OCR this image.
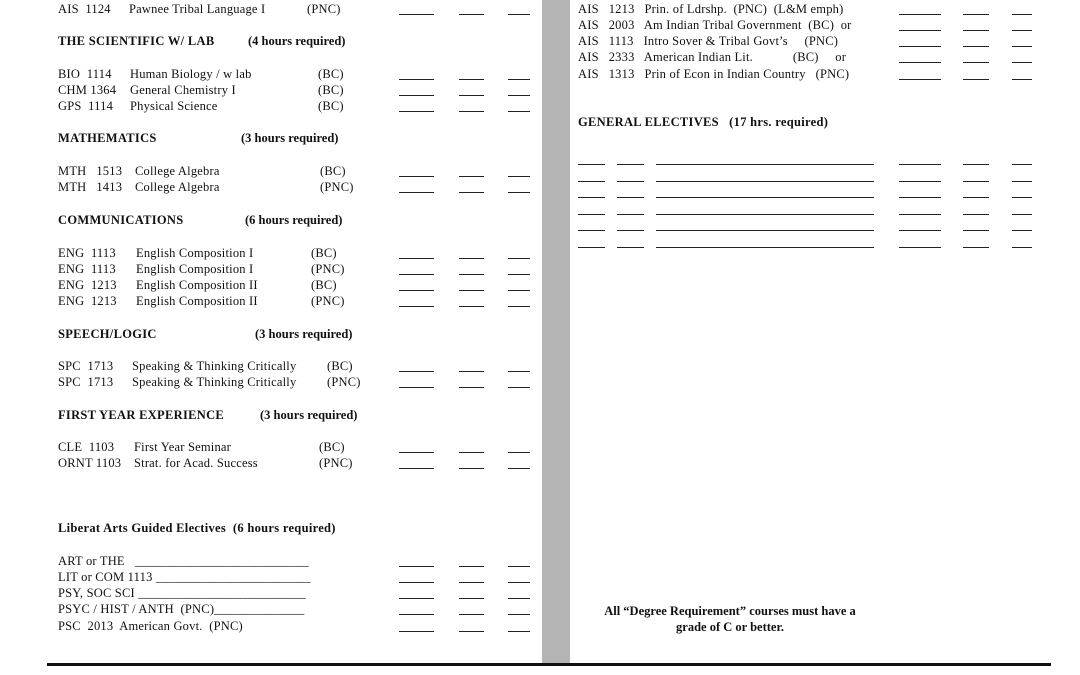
AIS  1124 Pawnee Tribal Language I	(PNC)
THE SCIENTIFIC W/ LAB	(4 hours required)
BIO  1114 Human Biology / w lab	(BC)
CHM 1364 General Chemistry I	(BC)
GPS  1114 Physical Science	(BC)
MATHEMATICS	(3 hours required)
MTH   1513 College Algebra	(BC)
MTH   1413 College Algebra	(PNC)
COMMUNICATIONS	(6 hours required)
ENG  1113 English Composition I	(BC)
ENG  1113 English Composition I	(PNC)
ENG  1213 English Composition II	(BC)
ENG  1213 English Composition II	(PNC)
SPEECH/LOGIC	(3 hours required)
SPC  1713 Speaking & Thinking Critically (BC)
SPC  1713 Speaking & Thinking Critically (PNC)
FIRST YEAR EXPERIENCE	(3 hours required)
CLE  1103 First Year Seminar	(BC)
ORNT 1103 Strat. for Acad. Success	(PNC)
Liberat Arts Guided Electives  (6 hours required)
ART or THE   ___________________________
LIT or COM 1113 ________________________
PSY, SOC SCI __________________________
PSYC / HIST / ANTH  (PNC)______________
PSC  2013  American Govt.  (PNC)
AIS   1213   Prin. of Ldrshp.  (PNC)  (L&M emph)
AIS   2003   Am Indian Tribal Government  (BC)  or
AIS   1113   Intro Sover & Tribal Govt’s     (PNC)
AIS   2333   American Indian Lit.            (BC)     or
AIS   1313   Prin of Econ in Indian Country   (PNC)
GENERAL ELECTIVES   (17 hrs. required)
All “Degree Requirement” courses must have a
grade of C or better.
